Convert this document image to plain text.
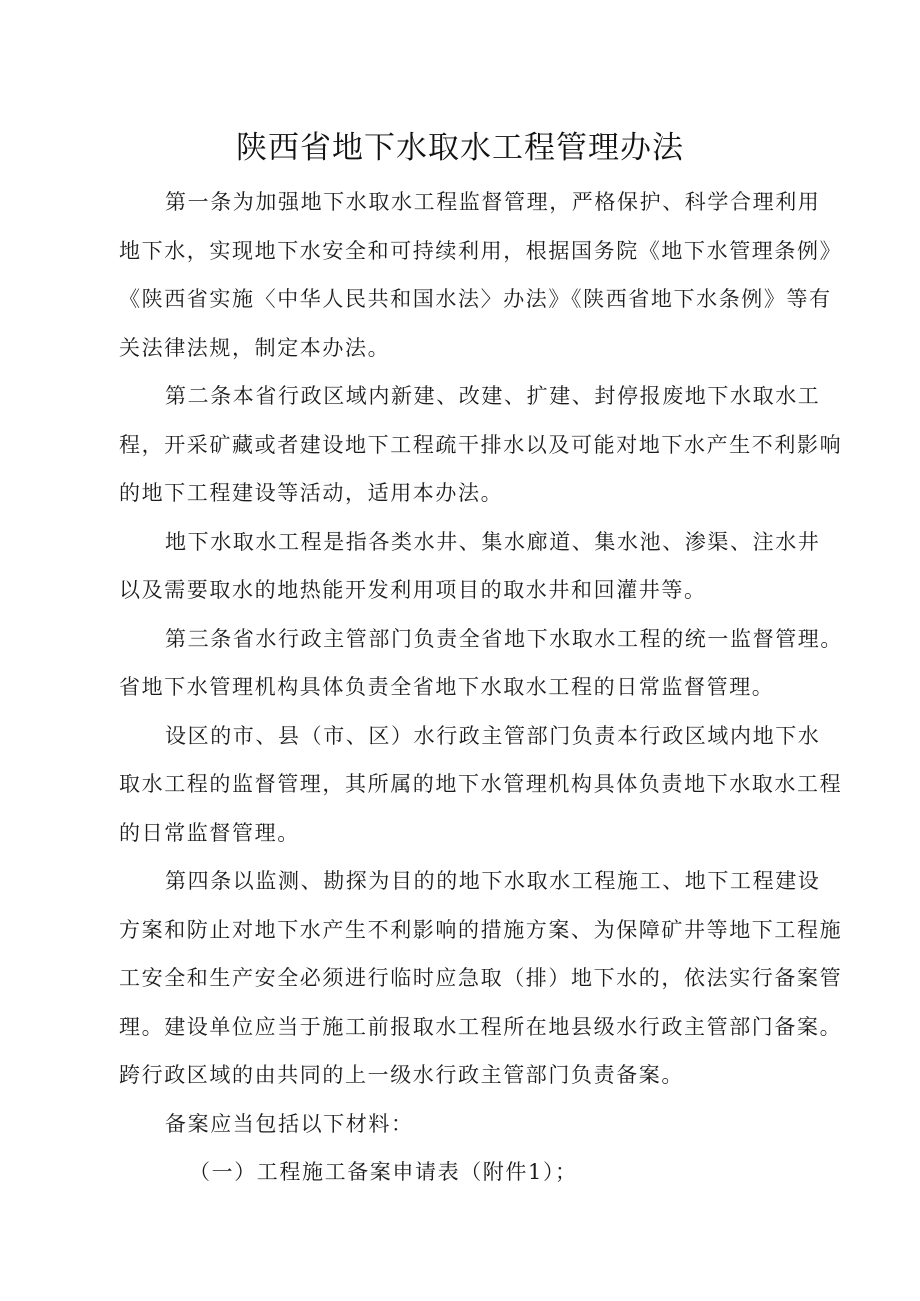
陕西省地下水取水工程管理办法
第一条为加强地下水取水工程监督管理，严格保护、科学合理利用
地下水，实现地下水安全和可持续利用，根据国务院《地下水管理条例》
《陕西省实施〈中华人民共和国水法〉办法》《陕西省地下水条例》等有
关法律法规，制定本办法。
第二条本省行政区域内新建、改建、扩建、封停报废地下水取水工
程，开采矿藏或者建设地下工程疏干排水以及可能对地下水产生不利影响
的地下工程建设等活动，适用本办法。
地下水取水工程是指各类水井、集水廊道、集水池、渗渠、注水井
以及需要取水的地热能开发利用项目的取水井和回灌井等。
第三条省水行政主管部门负责全省地下水取水工程的统一监督管理。
省地下水管理机构具体负责全省地下水取水工程的日常监督管理。
设区的市、县（市、区）水行政主管部门负责本行政区域内地下水
取水工程的监督管理，其所属的地下水管理机构具体负责地下水取水工程
的日常监督管理。
第四条以监测、勘探为目的的地下水取水工程施工、地下工程建设
方案和防止对地下水产生不利影响的措施方案、为保障矿井等地下工程施
工安全和生产安全必须进行临时应急取（排）地下水的，依法实行备案管
理。建设单位应当于施工前报取水工程所在地县级水行政主管部门备案。
跨行政区域的由共同的上一级水行政主管部门负责备案。
备案应当包括以下材料：
（一）工程施工备案申请表（附件1）；
